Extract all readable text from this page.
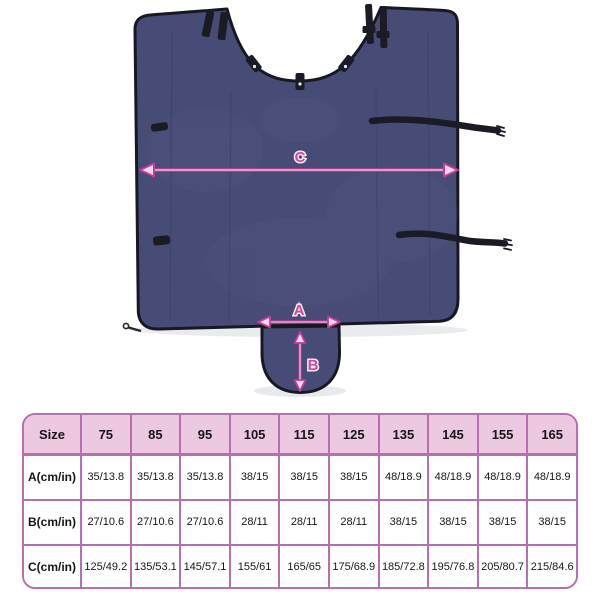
C
A
B
Size	75	85	95	105	115	125	135	145	155	165
A(cm/in)	35/13.8	35/13.8	35/13.8	38/15	38/15	38/15	48/18.9	48/18.9	48/18.9	48/18.9
B(cm/in)	27/10.6	27/10.6	27/10.6	28/11	28/11	28/11	38/15	38/15	38/15	38/15
C(cm/in)	125/49.2	135/53.1	145/57.1	155/61	165/65	175/68.9	185/72.8	195/76.8	205/80.7	215/84.6
